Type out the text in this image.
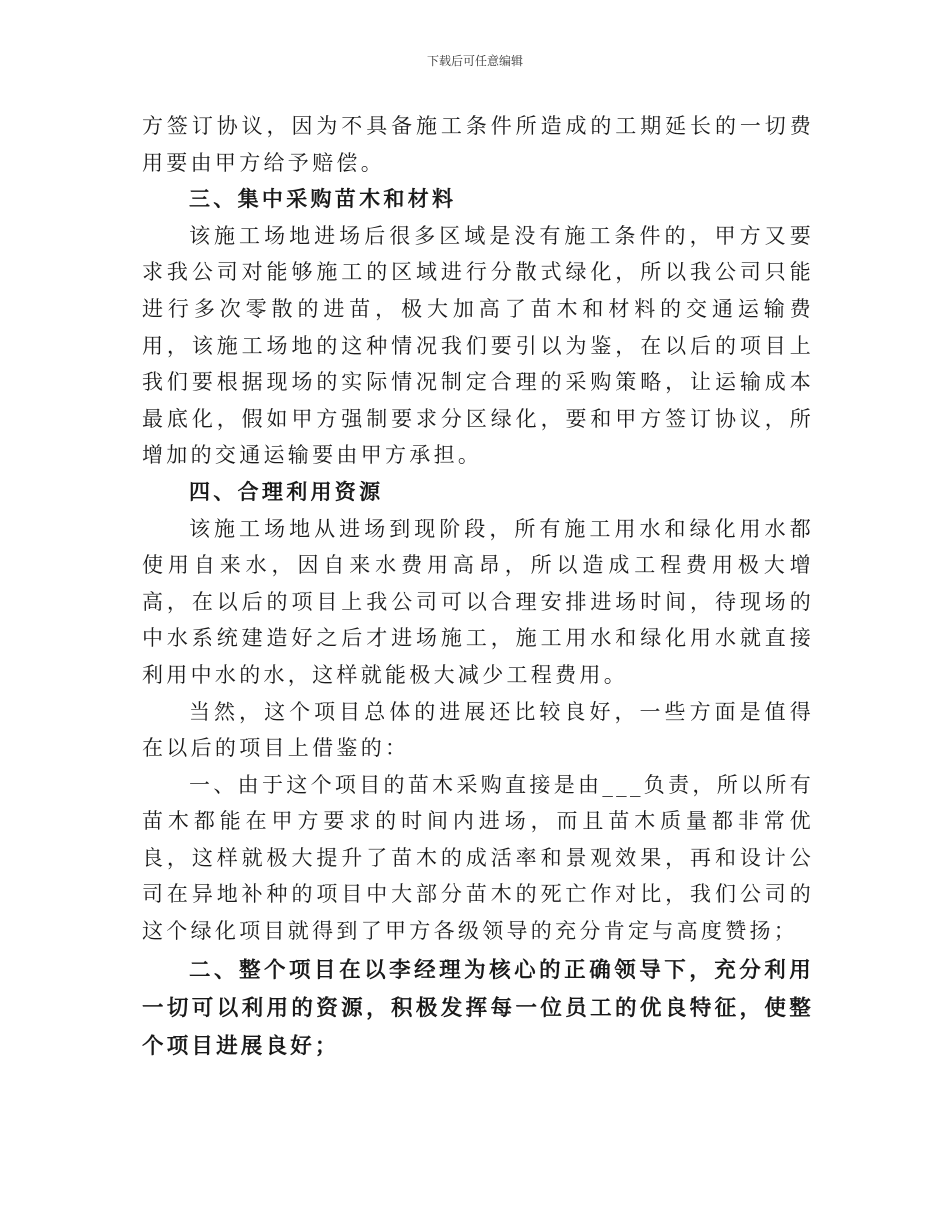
下载后可任意编辑

方签订协议，因为不具备施工条件所造成的工期延长的一切费用要由甲方给予赔偿。

三、集中采购苗木和材料

该施工场地进场后很多区域是没有施工条件的，甲方又要求我公司对能够施工的区域进行分散式绿化，所以我公司只能进行多次零散的进苗，极大加高了苗木和材料的交通运输费用，该施工场地的这种情况我们要引以为鉴，在以后的项目上我们要根据现场的实际情况制定合理的采购策略，让运输成本最底化，假如甲方强制要求分区绿化，要和甲方签订协议，所增加的交通运输要由甲方承担。

四、合理利用资源

该施工场地从进场到现阶段，所有施工用水和绿化用水都使用自来水，因自来水费用高昂，所以造成工程费用极大增高，在以后的项目上我公司可以合理安排进场时间，待现场的中水系统建造好之后才进场施工，施工用水和绿化用水就直接利用中水的水，这样就能极大减少工程费用。

当然，这个项目总体的进展还比较良好，一些方面是值得在以后的项目上借鉴的：

一、由于这个项目的苗木采购直接是由___负责，所以所有苗木都能在甲方要求的时间内进场，而且苗木质量都非常优良，这样就极大提升了苗木的成活率和景观效果，再和设计公司在异地补种的项目中大部分苗木的死亡作对比，我们公司的这个绿化项目就得到了甲方各级领导的充分肯定与高度赞扬；

二、整个项目在以李经理为核心的正确领导下，充分利用一切可以利用的资源，积极发挥每一位员工的优良特征，使整个项目进展良好；
